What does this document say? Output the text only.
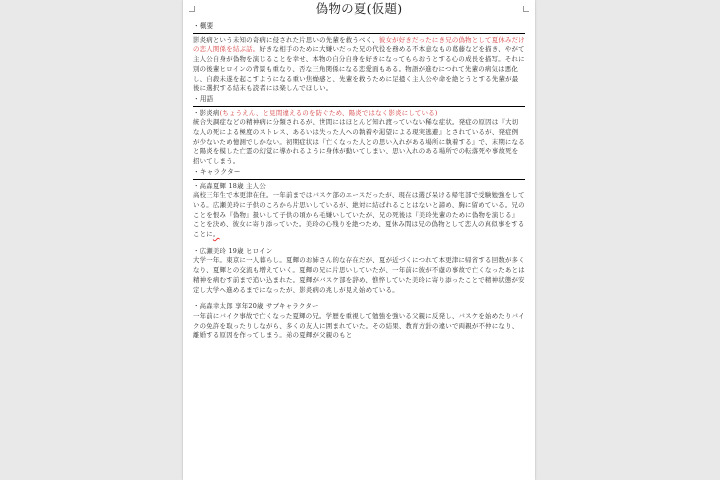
偽物の夏(仮題)
・概要

影炎病という未知の奇病に侵された片思いの先輩を救うべく、彼女が好きだったにき兄の偽物として夏休みだけの恋人関係を結ぶ話。好きな相手のために大嫌いだった兄の代役を務める不本意なもの葛藤などを描き、やがて主人公自身が偽物を演じることを幸せ、本物の自分自身を好きになってもらおうとする心の成長を描写。それに別の後輩ヒロインの背景も重なり、否な三角関係になる恋愛面もある。物語が進むにつれて先輩の病気は悪化し、自殺未遂を起こすようになる重い焦燥感と、先輩を救うために足掻く主人公や命を絶とうとする先輩が最後に選択する結末も読者には楽しんでほしい。

・用語

・影炎病(ちょうえん、と見間違えるのを防ぐため、陽炎ではなく影炎にしている)

統合失調症などの精神病に分類されるが、世間にはほとんど知れ渡っていない稀な症状。発症の原因は『大切な人の死による極度のストレス、あるいは失った人への執着や渇望による現実逃避』とされているが、発症例が少ないため憶測でしかない。初期症状は『亡くなった人との思い入れがある場所に執着する』で、末期になると陽炎を模した亡霊の幻覚に導かれるように身体が動いてしまい、思い入れのある場所での転落死や事故死を招いてしまう。

・キャラクター

・高森夏輝 18歳 主人公

高校三年生で本更津在住。一年前まではバスケ部のエースだったが、現在は選び呆ける帰宅部で受験勉強をしている。広瀬美玲に子供のころから片思いしているが、絶対に結ばれることはないと諦め、胸に留めている。兄のことを恨み『偽物』扱いして子供の頃から毛嫌いしていたが、兄の死後は『美玲先輩のために偽物を演じる』ことを決め、彼女に寄り添っていた。美玲の心残りを絶つため、夏休み間は兄の偽物として恋人の真似事をすることに。

・広瀬美玲 19歳 ヒロイン

大学一年。東京に一人暮らし。夏輝のお姉さん的な存在だが、夏が近づくにつれて本更津に帰省する回数が多くなり、夏輝との交流も増えていく。夏輝の兄に片思いしていたが、一年前に彼が不慮の事故で亡くなったあとは精神を病むす前まで追い込まれた。夏輝がバスケ部を辞め、憔悴していた美玲に寄り添ったことで精神状態が安定し大学へ進めるまでになったが、影炎病の兆しが見え始めている。

・高森幸太郎 享年20歳 サブキャラクター

一年前にバイク事故で亡くなった夏輝の兄。学歴を重視して勉強を強いる父親に反発し、バスケを始めたりバイクの免許を取ったりしながら、多くの友人に囲まれていた。その結果、教育方針の違いで両親が不仲になり、離婚する原因を作ってしまう。弟の夏輝が父親のもと
